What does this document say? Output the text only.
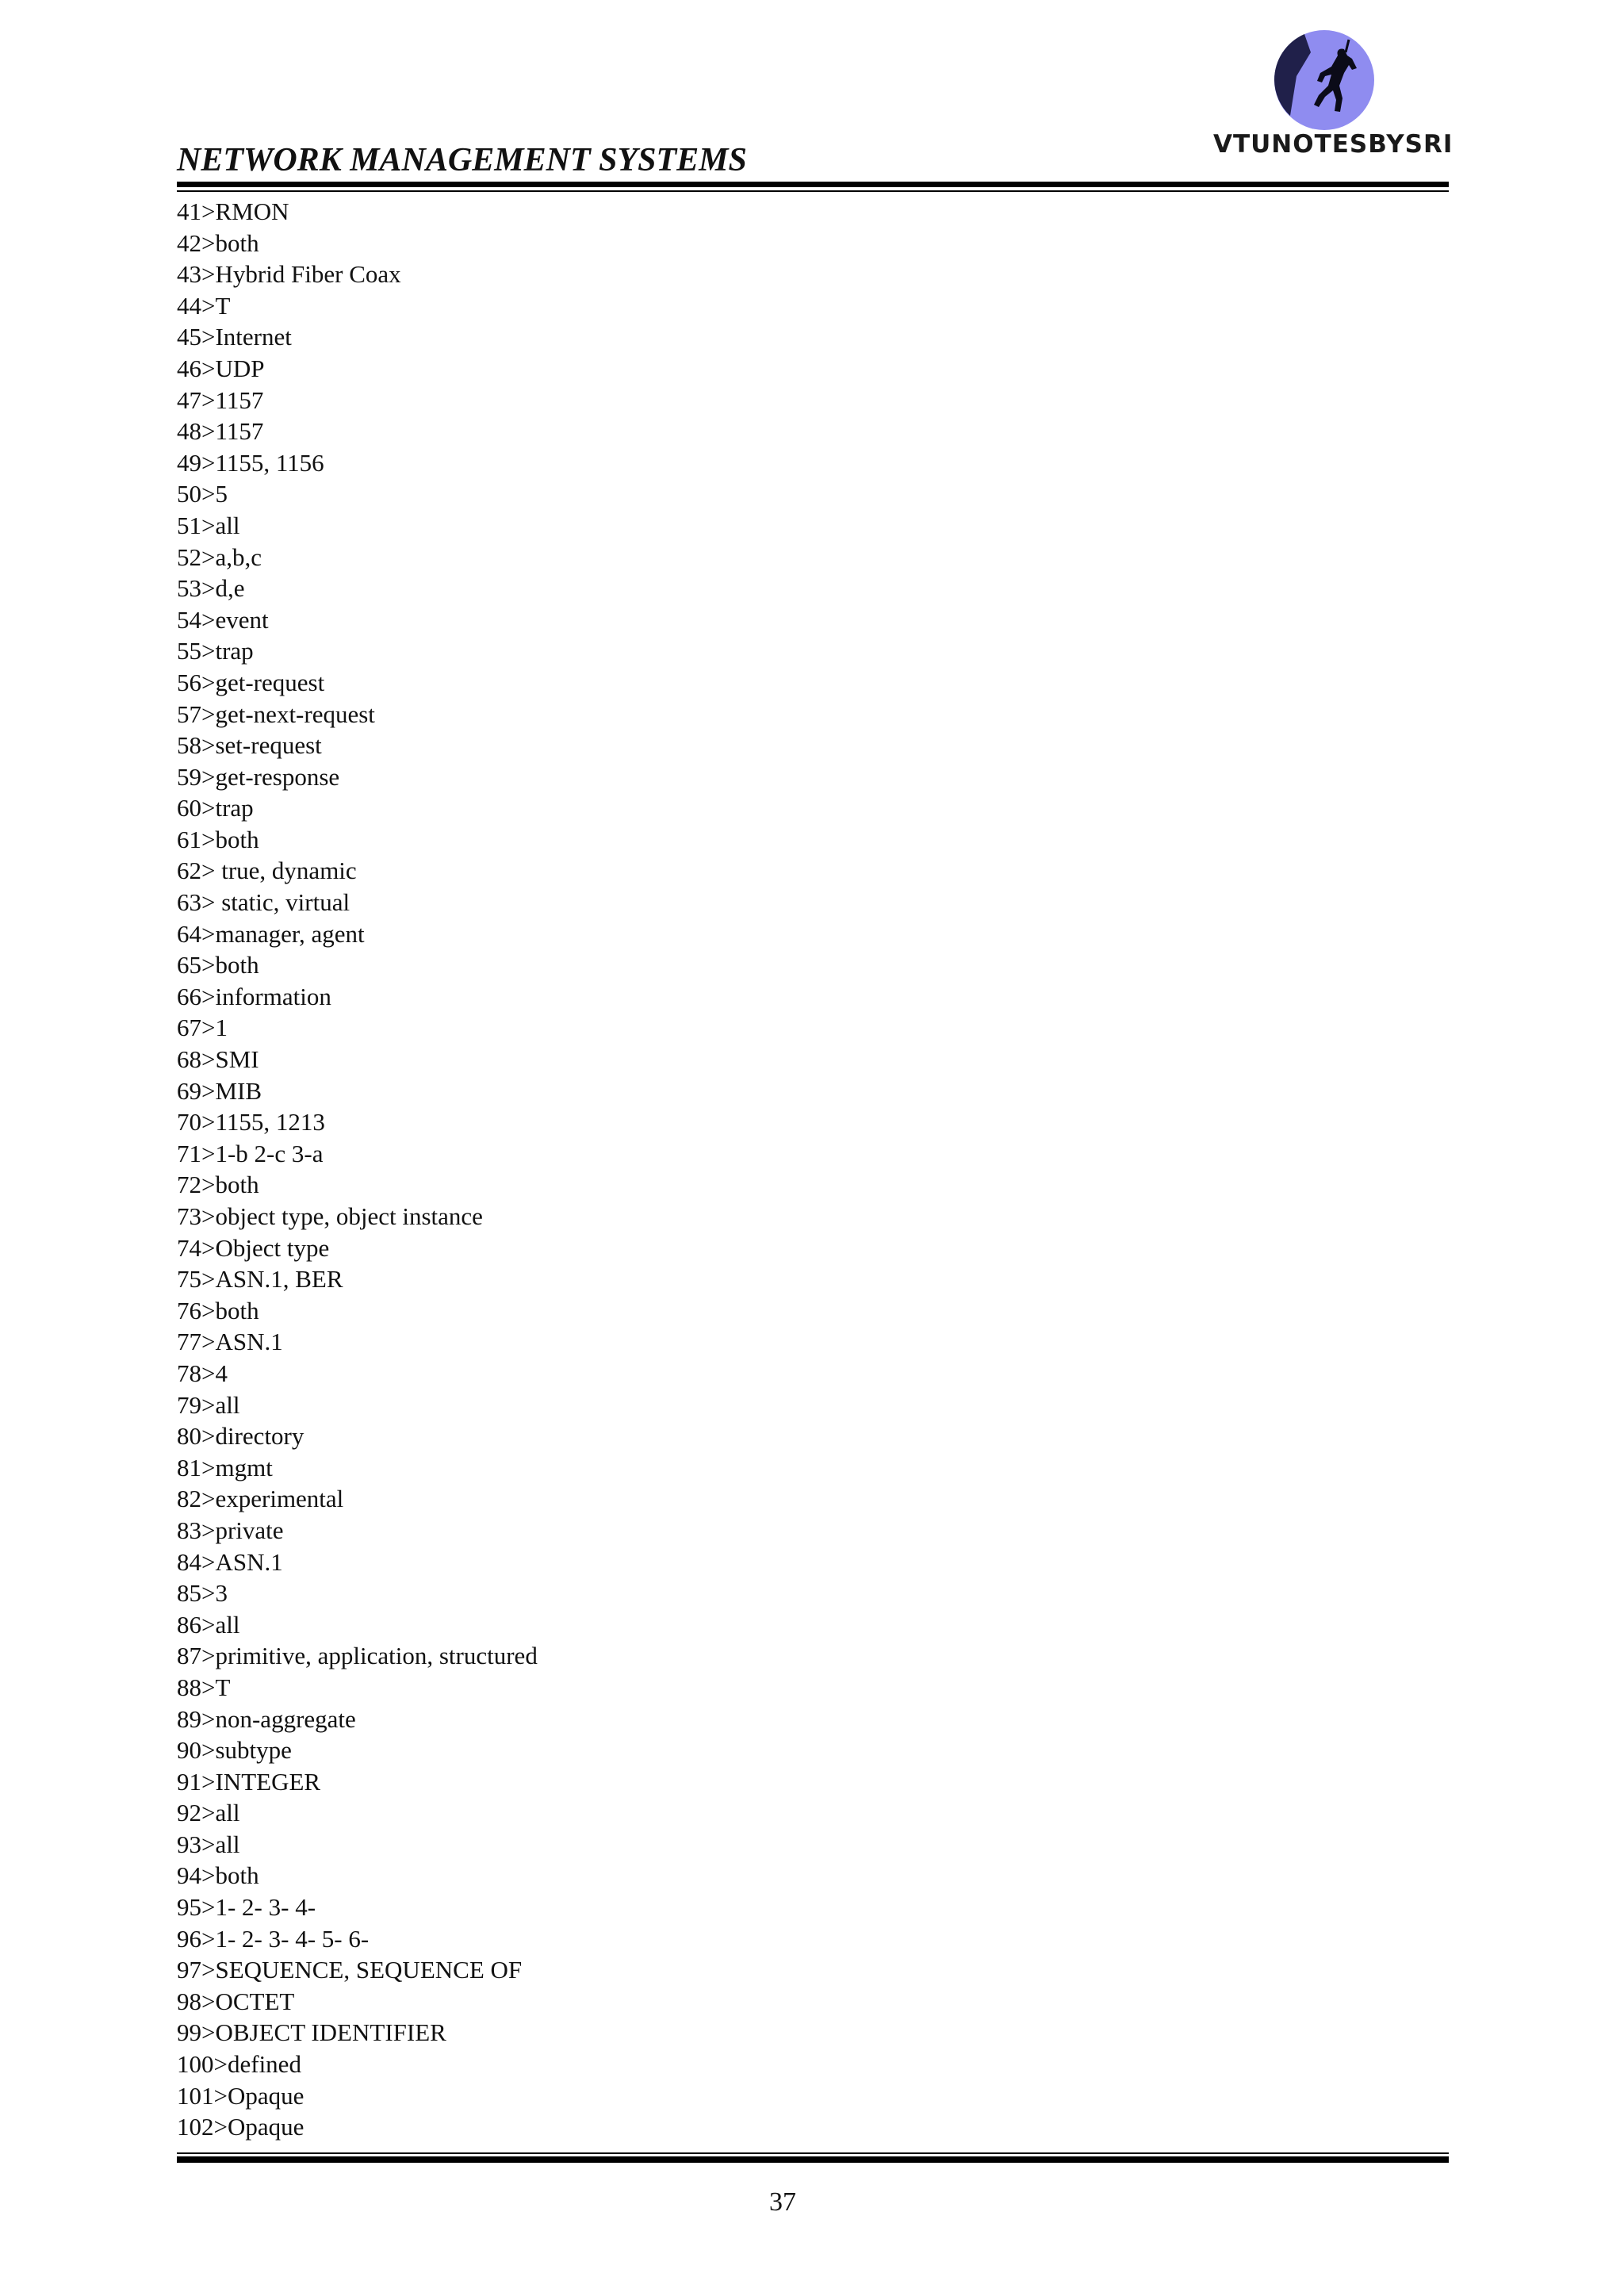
VTUNOTESBYSRI
NETWORK MANAGEMENT SYSTEMS
41>RMON
42>both
43>Hybrid Fiber Coax
44>T
45>Internet
46>UDP
47>1157
48>1157
49>1155, 1156
50>5
51>all
52>a,b,c
53>d,e
54>event
55>trap
56>get-request
57>get-next-request
58>set-request
59>get-response
60>trap
61>both
62> true, dynamic
63> static, virtual
64>manager, agent
65>both
66>information
67>1
68>SMI
69>MIB
70>1155, 1213
71>1-b 2-c 3-a
72>both
73>object type, object instance
74>Object type
75>ASN.1, BER
76>both
77>ASN.1
78>4
79>all
80>directory
81>mgmt
82>experimental
83>private
84>ASN.1
85>3
86>all
87>primitive, application, structured
88>T
89>non-aggregate
90>subtype
91>INTEGER
92>all
93>all
94>both
95>1- 2- 3- 4-
96>1- 2- 3- 4- 5- 6-
97>SEQUENCE, SEQUENCE OF
98>OCTET
99>OBJECT IDENTIFIER
100>defined
101>Opaque
102>Opaque
37
